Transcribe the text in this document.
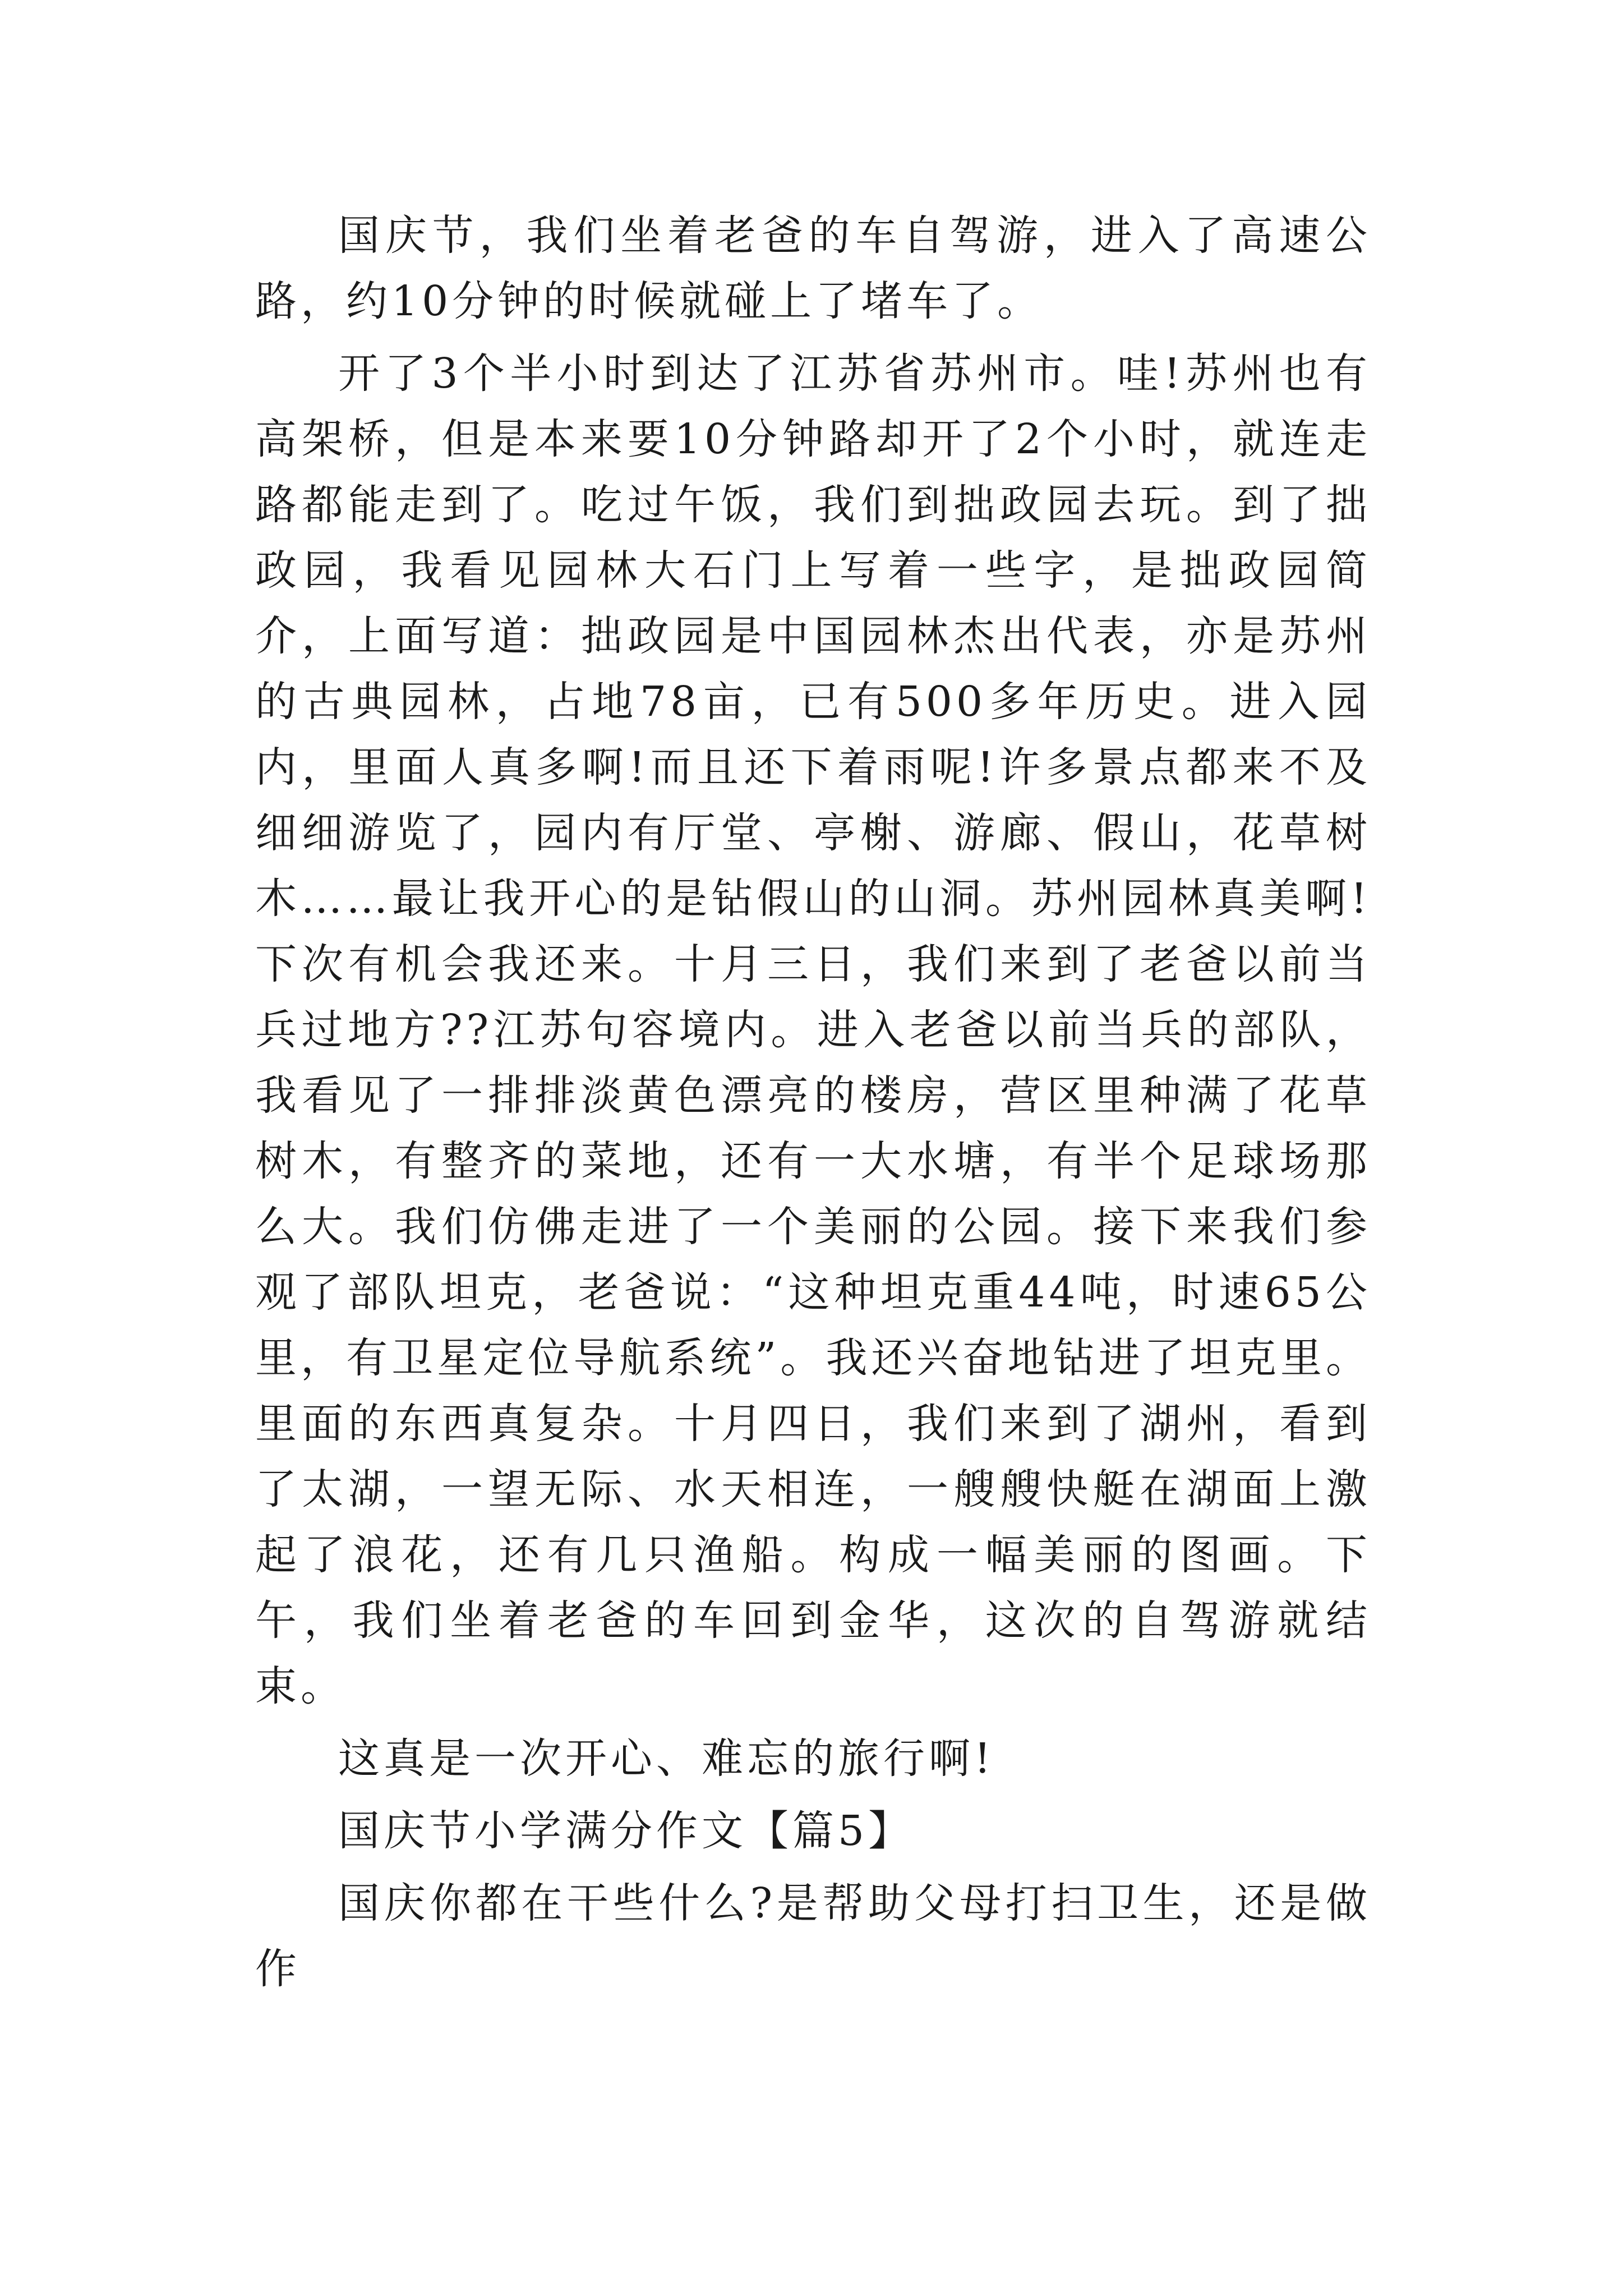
国庆节，我们坐着老爸的车自驾游，进入了高速公路，约10分钟的时候就碰上了堵车了。

开了3个半小时到达了江苏省苏州市。哇!苏州也有高架桥，但是本来要10分钟路却开了2个小时，就连走路都能走到了。吃过午饭，我们到拙政园去玩。到了拙政园，我看见园林大石门上写着一些字，是拙政园简介，上面写道：拙政园是中国园林杰出代表，亦是苏州的古典园林，占地78亩，已有500多年历史。进入园内，里面人真多啊!而且还下着雨呢!许多景点都来不及细细游览了，园内有厅堂、亭榭、游廊、假山，花草树木……最让我开心的是钻假山的山洞。苏州园林真美啊!下次有机会我还来。十月三日，我们来到了老爸以前当兵过地方??江苏句容境内。进入老爸以前当兵的部队，我看见了一排排淡黄色漂亮的楼房，营区里种满了花草树木，有整齐的菜地，还有一大水塘，有半个足球场那么大。我们仿佛走进了一个美丽的公园。接下来我们参观了部队坦克，老爸说：“这种坦克重44吨，时速65公里，有卫星定位导航系统”。我还兴奋地钻进了坦克里。里面的东西真复杂。十月四日，我们来到了湖州，看到了太湖，一望无际、水天相连，一艘艘快艇在湖面上激起了浪花，还有几只渔船。构成一幅美丽的图画。下午，我们坐着老爸的车回到金华，这次的自驾游就结束。

这真是一次开心、难忘的旅行啊!

国庆节小学满分作文【篇5】

国庆你都在干些什么?是帮助父母打扫卫生，还是做作
